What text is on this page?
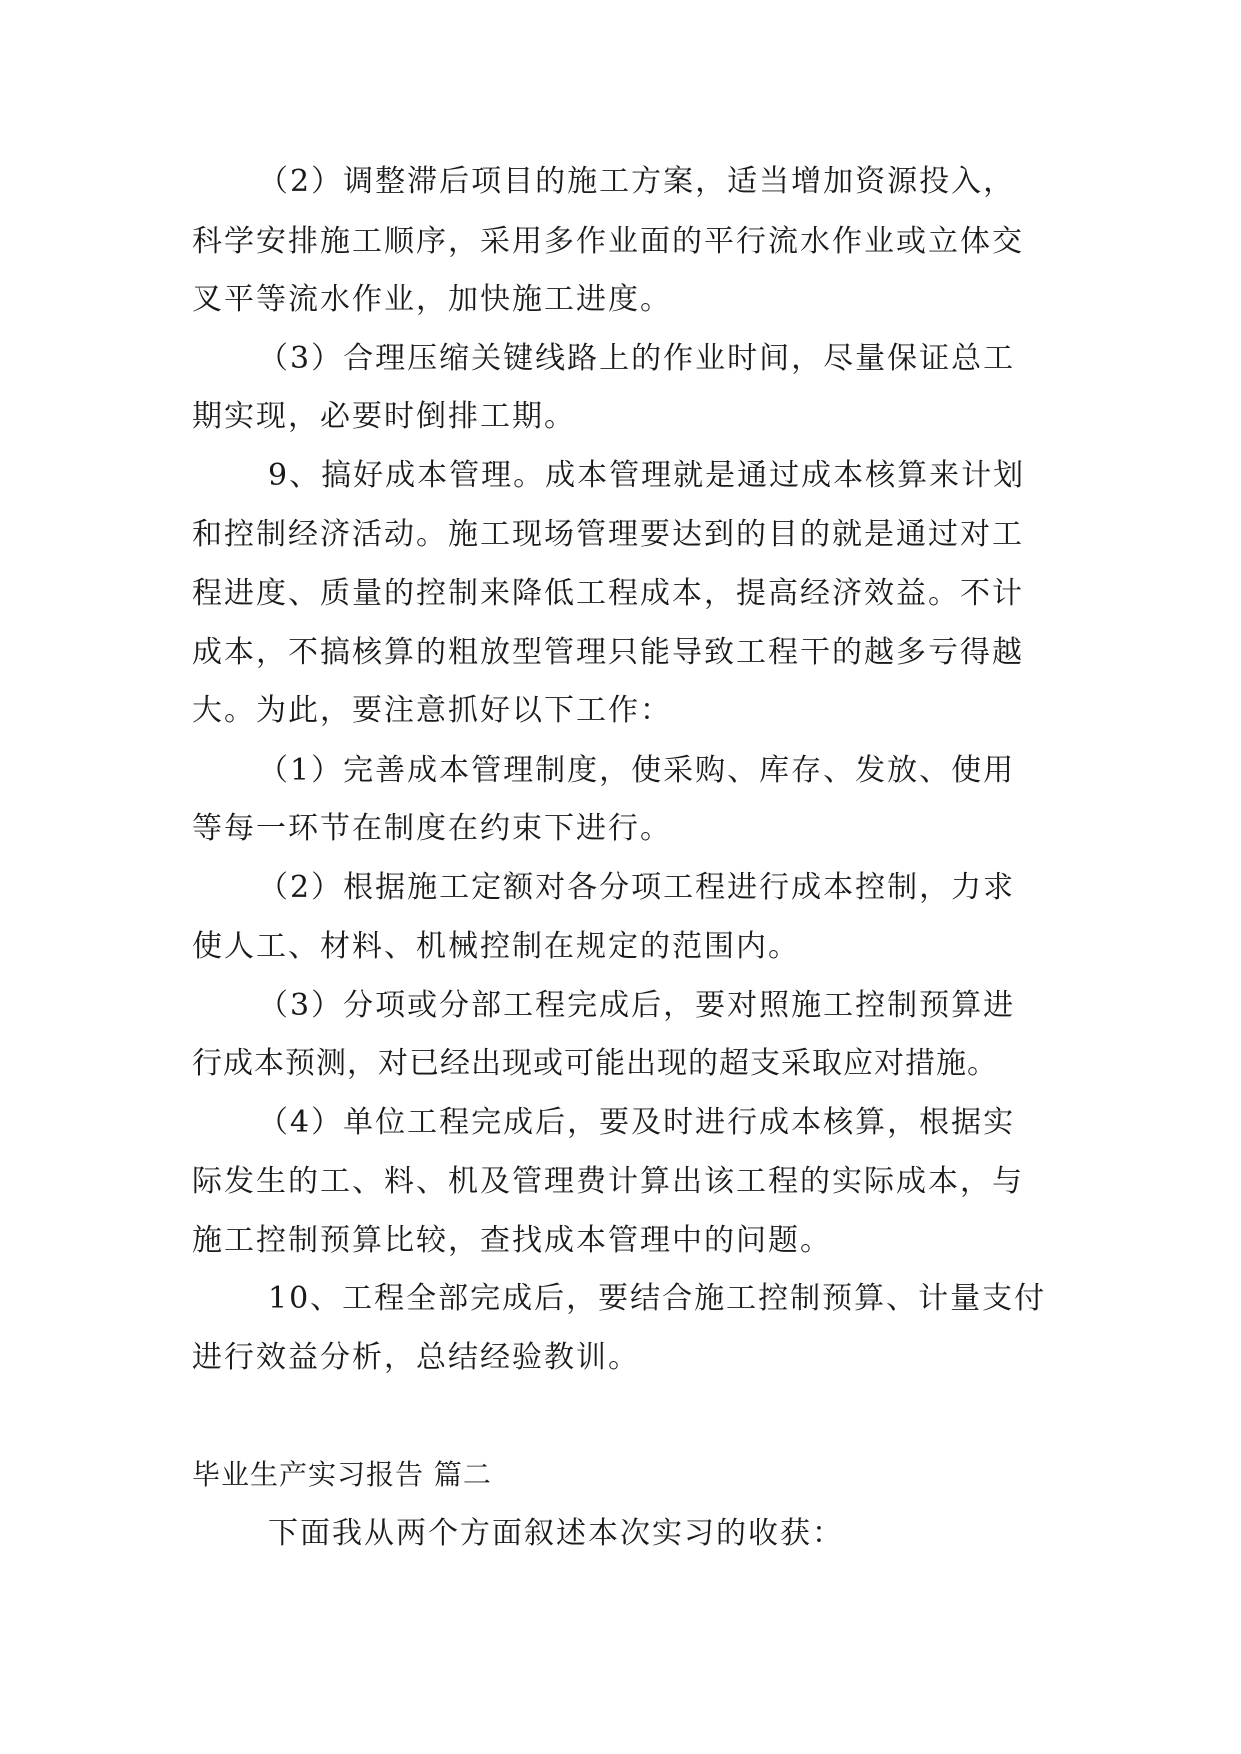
（2）调整滞后项目的施工方案，适当增加资源投入，
科学安排施工顺序，采用多作业面的平行流水作业或立体交
叉平等流水作业，加快施工进度。
（3）合理压缩关键线路上的作业时间，尽量保证总工
期实现，必要时倒排工期。
9、搞好成本管理。成本管理就是通过成本核算来计划
和控制经济活动。施工现场管理要达到的目的就是通过对工
程进度、质量的控制来降低工程成本，提高经济效益。不计
成本，不搞核算的粗放型管理只能导致工程干的越多亏得越
大。为此，要注意抓好以下工作：
（1）完善成本管理制度，使采购、库存、发放、使用
等每一环节在制度在约束下进行。
（2）根据施工定额对各分项工程进行成本控制，力求
使人工、材料、机械控制在规定的范围内。
（3）分项或分部工程完成后，要对照施工控制预算进
行成本预测，对已经出现或可能出现的超支采取应对措施。
（4）单位工程完成后，要及时进行成本核算，根据实
际发生的工、料、机及管理费计算出该工程的实际成本，与
施工控制预算比较，查找成本管理中的问题。
10、工程全部完成后，要结合施工控制预算、计量支付
进行效益分析，总结经验教训。
毕业生产实习报告 篇二
下面我从两个方面叙述本次实习的收获：
